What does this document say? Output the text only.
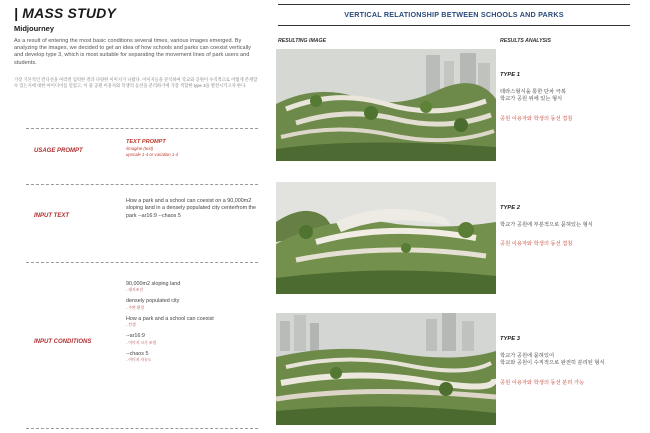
| MASS STUDY
Midjourney
As a result of entering the most basic conditions several times, various images emerged. By analyzing the images, we decided to get an idea of how schools and parks can coexist vertically and develop type 3, which is most suitable for separating the movement lines of park users and students.
가장 기본적인 컨디션을 여러번 입력한 결과 다양한 이미지가 나왔다. 이미지들을 분석하여 학교와 공원이 수직적으로 어떻게 존재할 수 있는지에 대한 아이디어를 얻었고, 이 중 공원 이용자와 학생의 동선을 분리하기에 가장 적합한 type 3을 발전시키고자 한다.
USAGE PROMPT
TEXT PROMPT
/imagine (text)
upscale 1-4 or variation 1-4
INPUT TEXT
How a park and a school can coexist on a 90,000m2 sloping land in a densely populated city centerfrom the park --ar16:9 --chaos 5
INPUT CONDITIONS
90,000m2 sloping land
- 대지조건
densely populated city
- 주변 환경
How a park and a school can coexist
- 컨셉
--ar16:9
- 이미지 크기 조정
--chaos 5
- 이미지 자유도
VERTICAL RELATIONSHIP BETWEEN SCHOOLS AND PARKS
RESULTING IMAGE	RESULTS ANALYSIS
TYPE 1
테라스형식을 통한 단차 극복
학교가 공원 위에 있는 형식
공원 이용자와 학생의 동선 겹침
TYPE 2
학교가 공원에 부분적으로 묻혀있는 형식
공원 이용자와 학생의 동선 겹침
TYPE 3
학교가 공원에 묻혀있어
학교와 공원이 수직적으로 완전히 분리된 형식
공원 이용자와 학생의 동선 분리 가능
